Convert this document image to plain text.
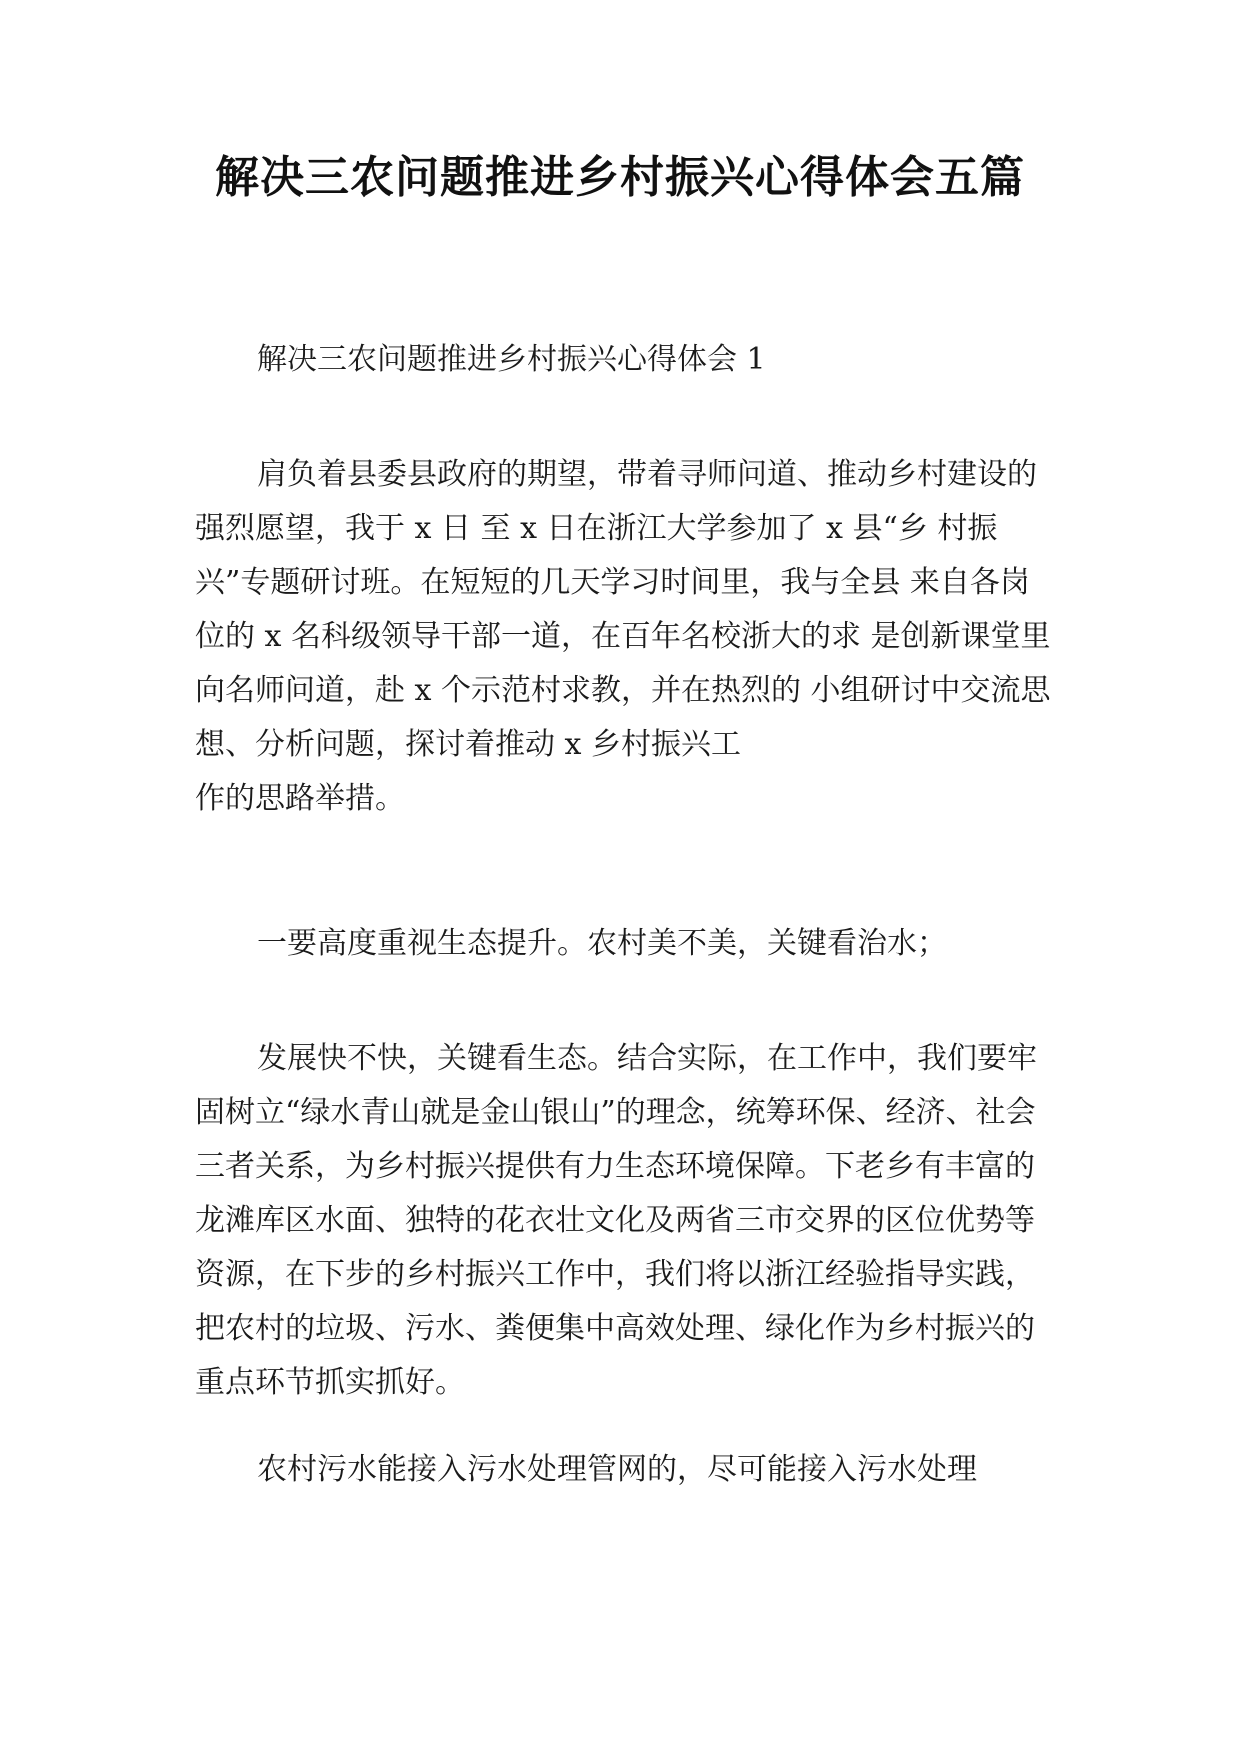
解决三农问题推进乡村振兴心得体会五篇

解决三农问题推进乡村振兴心得体会 1

肩负着县委县政府的期望，带着寻师问道、推动乡村建设的强烈愿望，我于 x 日 至 x 日在浙江大学参加了 x 县“乡 村振兴”专题研讨班。在短短的几天学习时间里，我与全县 来自各岗位的 x 名科级领导干部一道，在百年名校浙大的求 是创新课堂里向名师问道，赴 x 个示范村求教，并在热烈的 小组研讨中交流思想、分析问题，探讨着推动 x 乡村振兴工
作的思路举措。

一要高度重视生态提升。农村美不美，关键看治水；

发展快不快，关键看生态。结合实际，在工作中，我们要牢固树立“绿水青山就是金山银山”的理念，统筹环保、经济、社会三者关系，为乡村振兴提供有力生态环境保障。下老乡有丰富的龙滩库区水面、独特的花衣壮文化及两省三市交界的区位优势等资源，在下步的乡村振兴工作中，我们将以浙江经验指导实践，把农村的垃圾、污水、粪便集中高效处理、绿化作为乡村振兴的重点环节抓实抓好。

农村污水能接入污水处理管网的，尽可能接入污水处理
